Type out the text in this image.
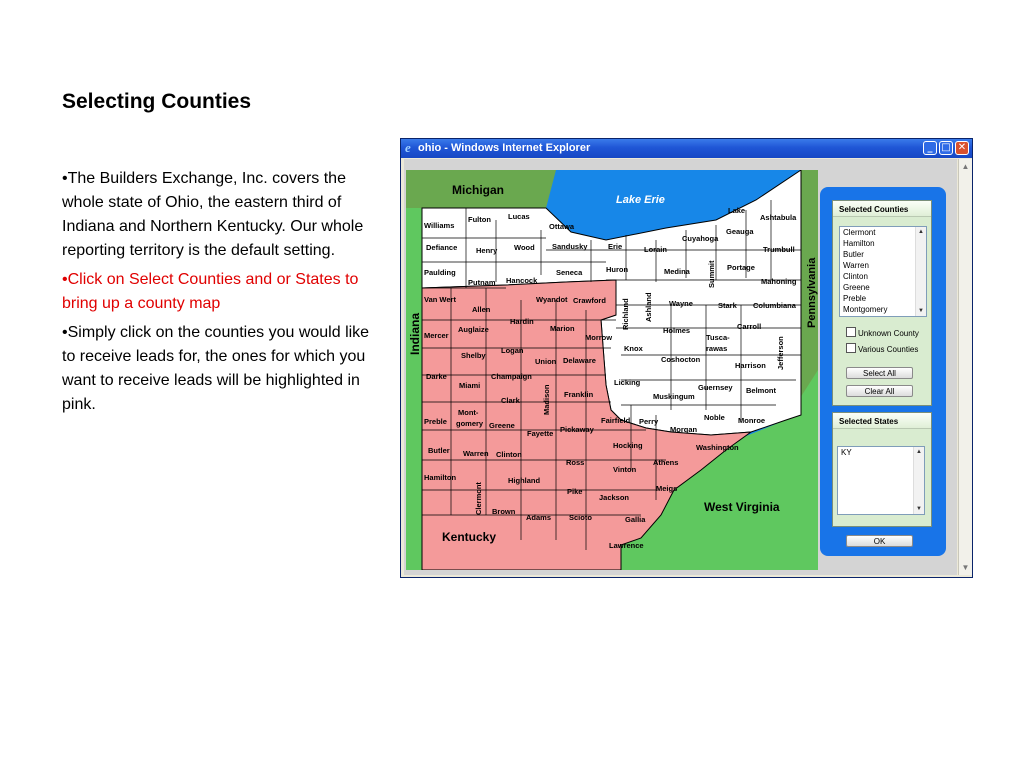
Selecting Counties

•The Builders Exchange, Inc. covers the whole state of Ohio, the eastern third of Indiana and Northern Kentucky. Our whole reporting territory is the default setting.

•Click on Select Counties and or States to bring up a county map

•Simply click on the counties you would like to receive leads for, the ones for which you want to receive leads will be highlighted in pink.

e ohio - Windows Internet Explorer	_ □ ✕
▲
▼
Williams
Fulton Lucas
Ottawa
Lake
Ashtabula
Defiance Henry Wood Sandusky	Erie	Lorain
Cuyahoga
Geauga
Trumbull
Paulding
Putnam Hancock
Seneca	Huron	Medina Summit Portage
Mahoning
Van Wert
Allen
Wyandot Crawford Richland Ashland Wayne	Stark Columbiana
Mercer
Auglaize
Hardin
Marion
Morrow
Knox
Holmes	Carroll
Tusca-
rawas	Jefferson
Shelby
Logan
Union Delaware	Coshocton
Harrison
Darke	Champaign
Licking
Guernsey Belmont
Miami
Clark	Madison Franklin	Muskingum
Noble Monroe
Preble
Mont-
gomery Greene
Fayette Pickaway
Fairfield Perry
Morgan
Washington
Butler Warren Clinton
Hocking
Athens
Ross
Vinton
Hamilton
Clermont
Highland
Pike
Jackson
Meigs
Brown
Adams Scioto	Gallia
Lawrence
Michigan
Lake Erie
Indiana
Pennsylvania
Kentucky
West Virginia
Selected Counties
Clermont
Hamilton
Butler
Warren
Clinton
Greene
Preble
Montgomery
▲
▼
Unknown County
Various Counties
Select All
Clear All
Selected States
KY	▲
▼
OK
